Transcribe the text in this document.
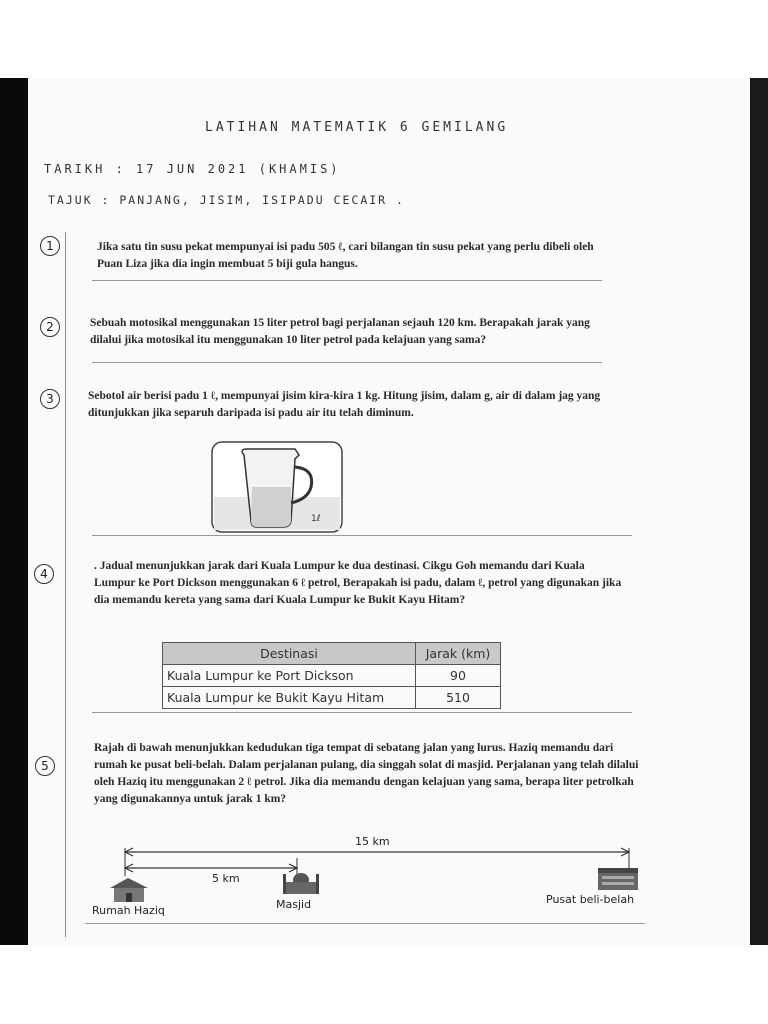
LATIHAN MATEMATIK 6 GEMILANG
TARIKH : 17 JUN 2021 (KHAMIS)
TAJUK : PANJANG, JISIM, ISIPADU CECAIR .
1	Jika satu tin susu pekat mempunyai isi padu 505 ℓ, cari bilangan tin susu pekat yang perlu dibeli oleh Puan Liza jika dia ingin membuat 5 biji gula hangus.
2	Sebuah motosikal menggunakan 15 liter petrol bagi perjalanan sejauh 120 km. Berapakah jarak yang dilalui jika motosikal itu menggunakan 10 liter petrol pada kelajuan yang sama?
3	Sebotol air berisi padu 1 ℓ, mempunyai jisim kira-kira 1 kg. Hitung jisim, dalam g, air di dalam jag yang ditunjukkan jika separuh daripada isi padu air itu telah diminum.
1ℓ
4
. Jadual menunjukkan jarak dari Kuala Lumpur ke dua destinasi. Cikgu Goh memandu dari Kuala Lumpur ke Port Dickson menggunakan 6 ℓ petrol, Berapakah isi padu, dalam ℓ, petrol yang digunakan jika dia memandu kereta yang sama dari Kuala Lumpur ke Bukit Kayu Hitam?
Destinasi	Jarak (km)
Kuala Lumpur ke Port Dickson	90
Kuala Lumpur ke Bukit Kayu Hitam	510
5
Rajah di bawah menunjukkan kedudukan tiga tempat di sebatang jalan yang lurus. Haziq memandu dari rumah ke pusat beli-belah. Dalam perjalanan pulang, dia singgah solat di masjid. Perjalanan yang telah dilalui oleh Haziq itu menggunakan 2 ℓ petrol. Jika dia memandu dengan kelajuan yang sama, berapa liter petrolkah yang digunakannya untuk jarak 1 km?
15 km
5 km
Rumah Haziq	Masjid	Pusat beli-belah
